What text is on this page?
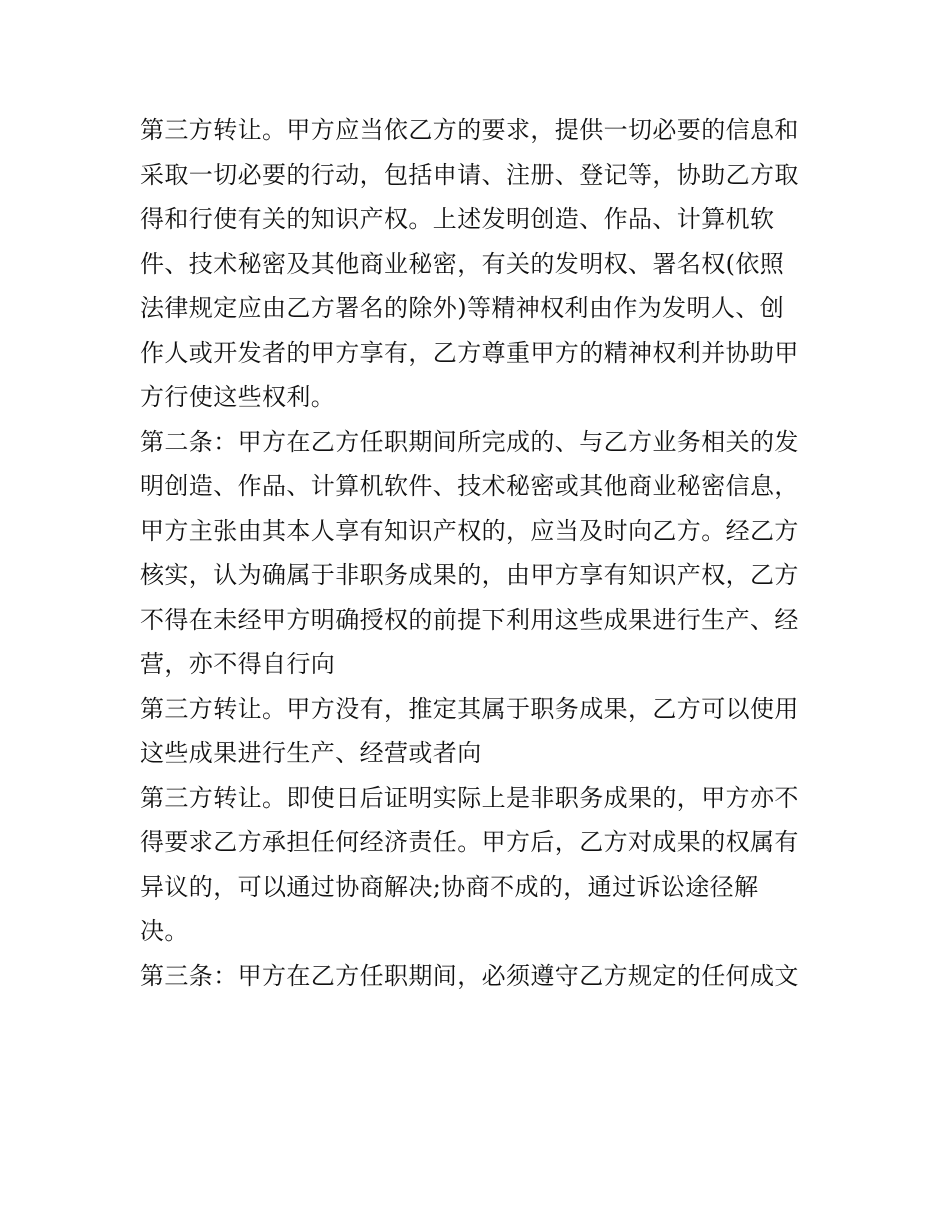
第三方转让。甲方应当依乙方的要求，提供一切必要的信息和
采取一切必要的行动，包括申请、注册、登记等，协助乙方取
得和行使有关的知识产权。上述发明创造、作品、计算机软
件、技术秘密及其他商业秘密，有关的发明权、署名权(依照
法律规定应由乙方署名的除外)等精神权利由作为发明人、创
作人或开发者的甲方享有，乙方尊重甲方的精神权利并协助甲
方行使这些权利。
第二条：甲方在乙方任职期间所完成的、与乙方业务相关的发
明创造、作品、计算机软件、技术秘密或其他商业秘密信息，
甲方主张由其本人享有知识产权的，应当及时向乙方。经乙方
核实，认为确属于非职务成果的，由甲方享有知识产权，乙方
不得在未经甲方明确授权的前提下利用这些成果进行生产、经
营，亦不得自行向
第三方转让。甲方没有，推定其属于职务成果，乙方可以使用
这些成果进行生产、经营或者向
第三方转让。即使日后证明实际上是非职务成果的，甲方亦不
得要求乙方承担任何经济责任。甲方后，乙方对成果的权属有
异议的，可以通过协商解决;协商不成的，通过诉讼途径解
决。
第三条：甲方在乙方任职期间，必须遵守乙方规定的任何成文
